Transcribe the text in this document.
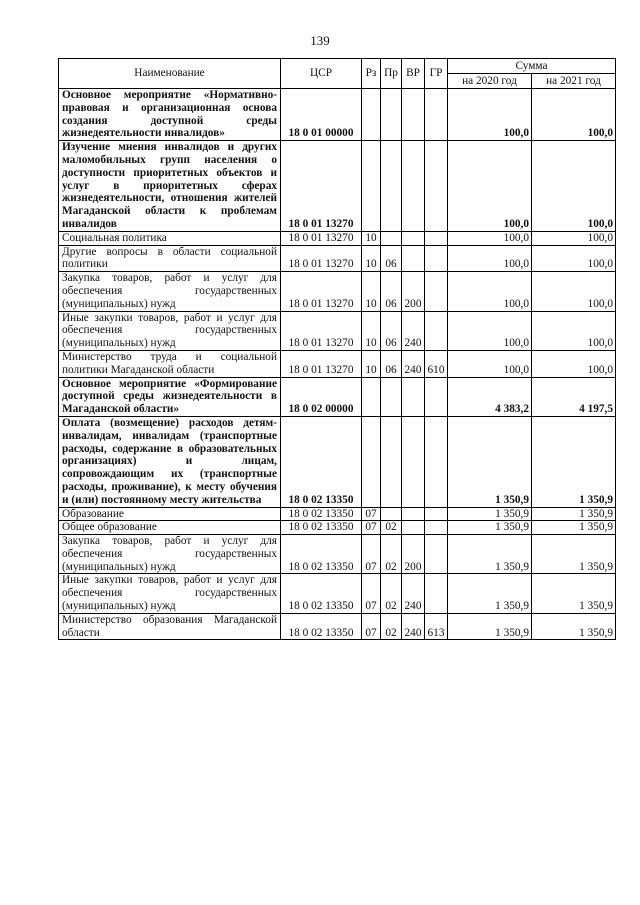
139
Наименование	ЦСР	Рз	Пр	ВР	ГР	Сумма	
						на 2020 год	на 2021 год
Основное мероприятие «Нормативно-правовая и организационная основа создания доступной среды жизнедеятельности инвалидов»	18 0 01 00000					100,0	100,0
Изучение мнения инвалидов и других маломобильных групп населения о доступности приоритетных объектов и услуг в приоритетных сферах жизнедеятельности, отношения жителей Магаданской области к проблемам инвалидов	18 0 01 13270					100,0	100,0
Социальная политика	18 0 01 13270	10				100,0	100,0
Другие вопросы в области социальной политики	18 0 01 13270	10	06			100,0	100,0
Закупка товаров, работ и услуг для обеспечения государственных (муниципальных) нужд	18 0 01 13270	10	06	200		100,0	100,0
Иные закупки товаров, работ и услуг для обеспечения государственных (муниципальных) нужд	18 0 01 13270	10	06	240		100,0	100,0
Министерство труда и социальной политики Магаданской области	18 0 01 13270	10	06	240	610	100,0	100,0
Основное мероприятие «Формирование доступной среды жизнедеятельности в Магаданской области»	18 0 02 00000					4 383,2	4 197,5
Оплата (возмещение) расходов детям-инвалидам, инвалидам (транспортные расходы, содержание в образовательных организациях) и лицам, сопровождающим их (транспортные расходы, проживание), к месту обучения и (или) постоянному месту жительства	18 0 02 13350					1 350,9	1 350,9
Образование	18 0 02 13350	07				1 350,9	1 350,9
Общее образование	18 0 02 13350	07	02			1 350,9	1 350,9
Закупка товаров, работ и услуг для обеспечения государственных (муниципальных) нужд	18 0 02 13350	07	02	200		1 350,9	1 350,9
Иные закупки товаров, работ и услуг для обеспечения государственных (муниципальных) нужд	18 0 02 13350	07	02	240		1 350,9	1 350,9
Министерство образования Магаданской области	18 0 02 13350	07	02	240	613	1 350,9	1 350,9
